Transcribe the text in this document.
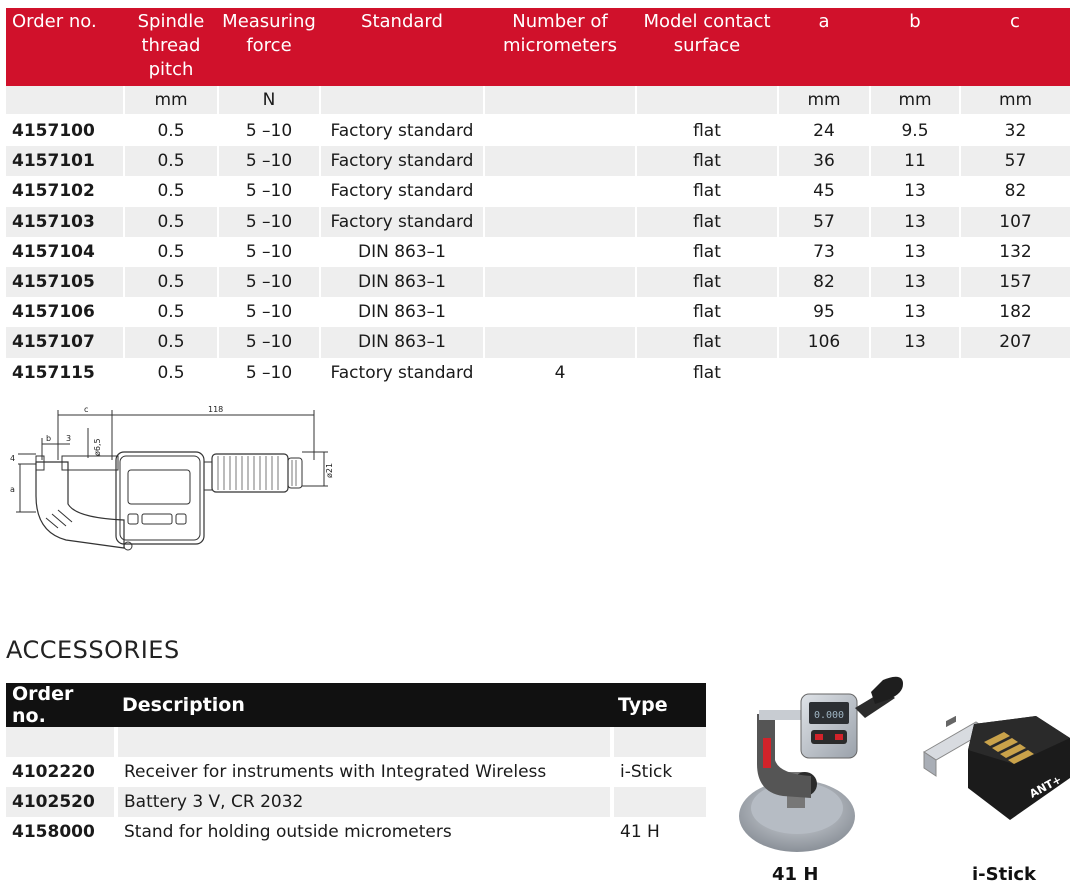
Order no.	Spindle thread pitch	Measuring force	Standard	Number of micrometers	Model contact surface	a	b	c
	mm	N				mm	mm	mm
4157100	0.5	5 –10	Factory standard		flat	24	9.5	32
4157101	0.5	5 –10	Factory standard		flat	36	11	57
4157102	0.5	5 –10	Factory standard		flat	45	13	82
4157103	0.5	5 –10	Factory standard		flat	57	13	107
4157104	0.5	5 –10	DIN 863–1		flat	73	13	132
4157105	0.5	5 –10	DIN 863–1		flat	82	13	157
4157106	0.5	5 –10	DIN 863–1		flat	95	13	182
4157107	0.5	5 –10	DIN 863–1		flat	106	13	207
4157115	0.5	5 –10	Factory standard	4	flat			
c	118
b 3	ø6,5
4
a
ø21
ACCESSORIES
Order no.	Description	Type

4102220	Receiver for instruments with Integrated Wireless	i-Stick
4102520	Battery 3 V, CR 2032	
4158000	Stand for holding outside micrometers	41 H
0.000
41 H
ANT+
i-Stick
